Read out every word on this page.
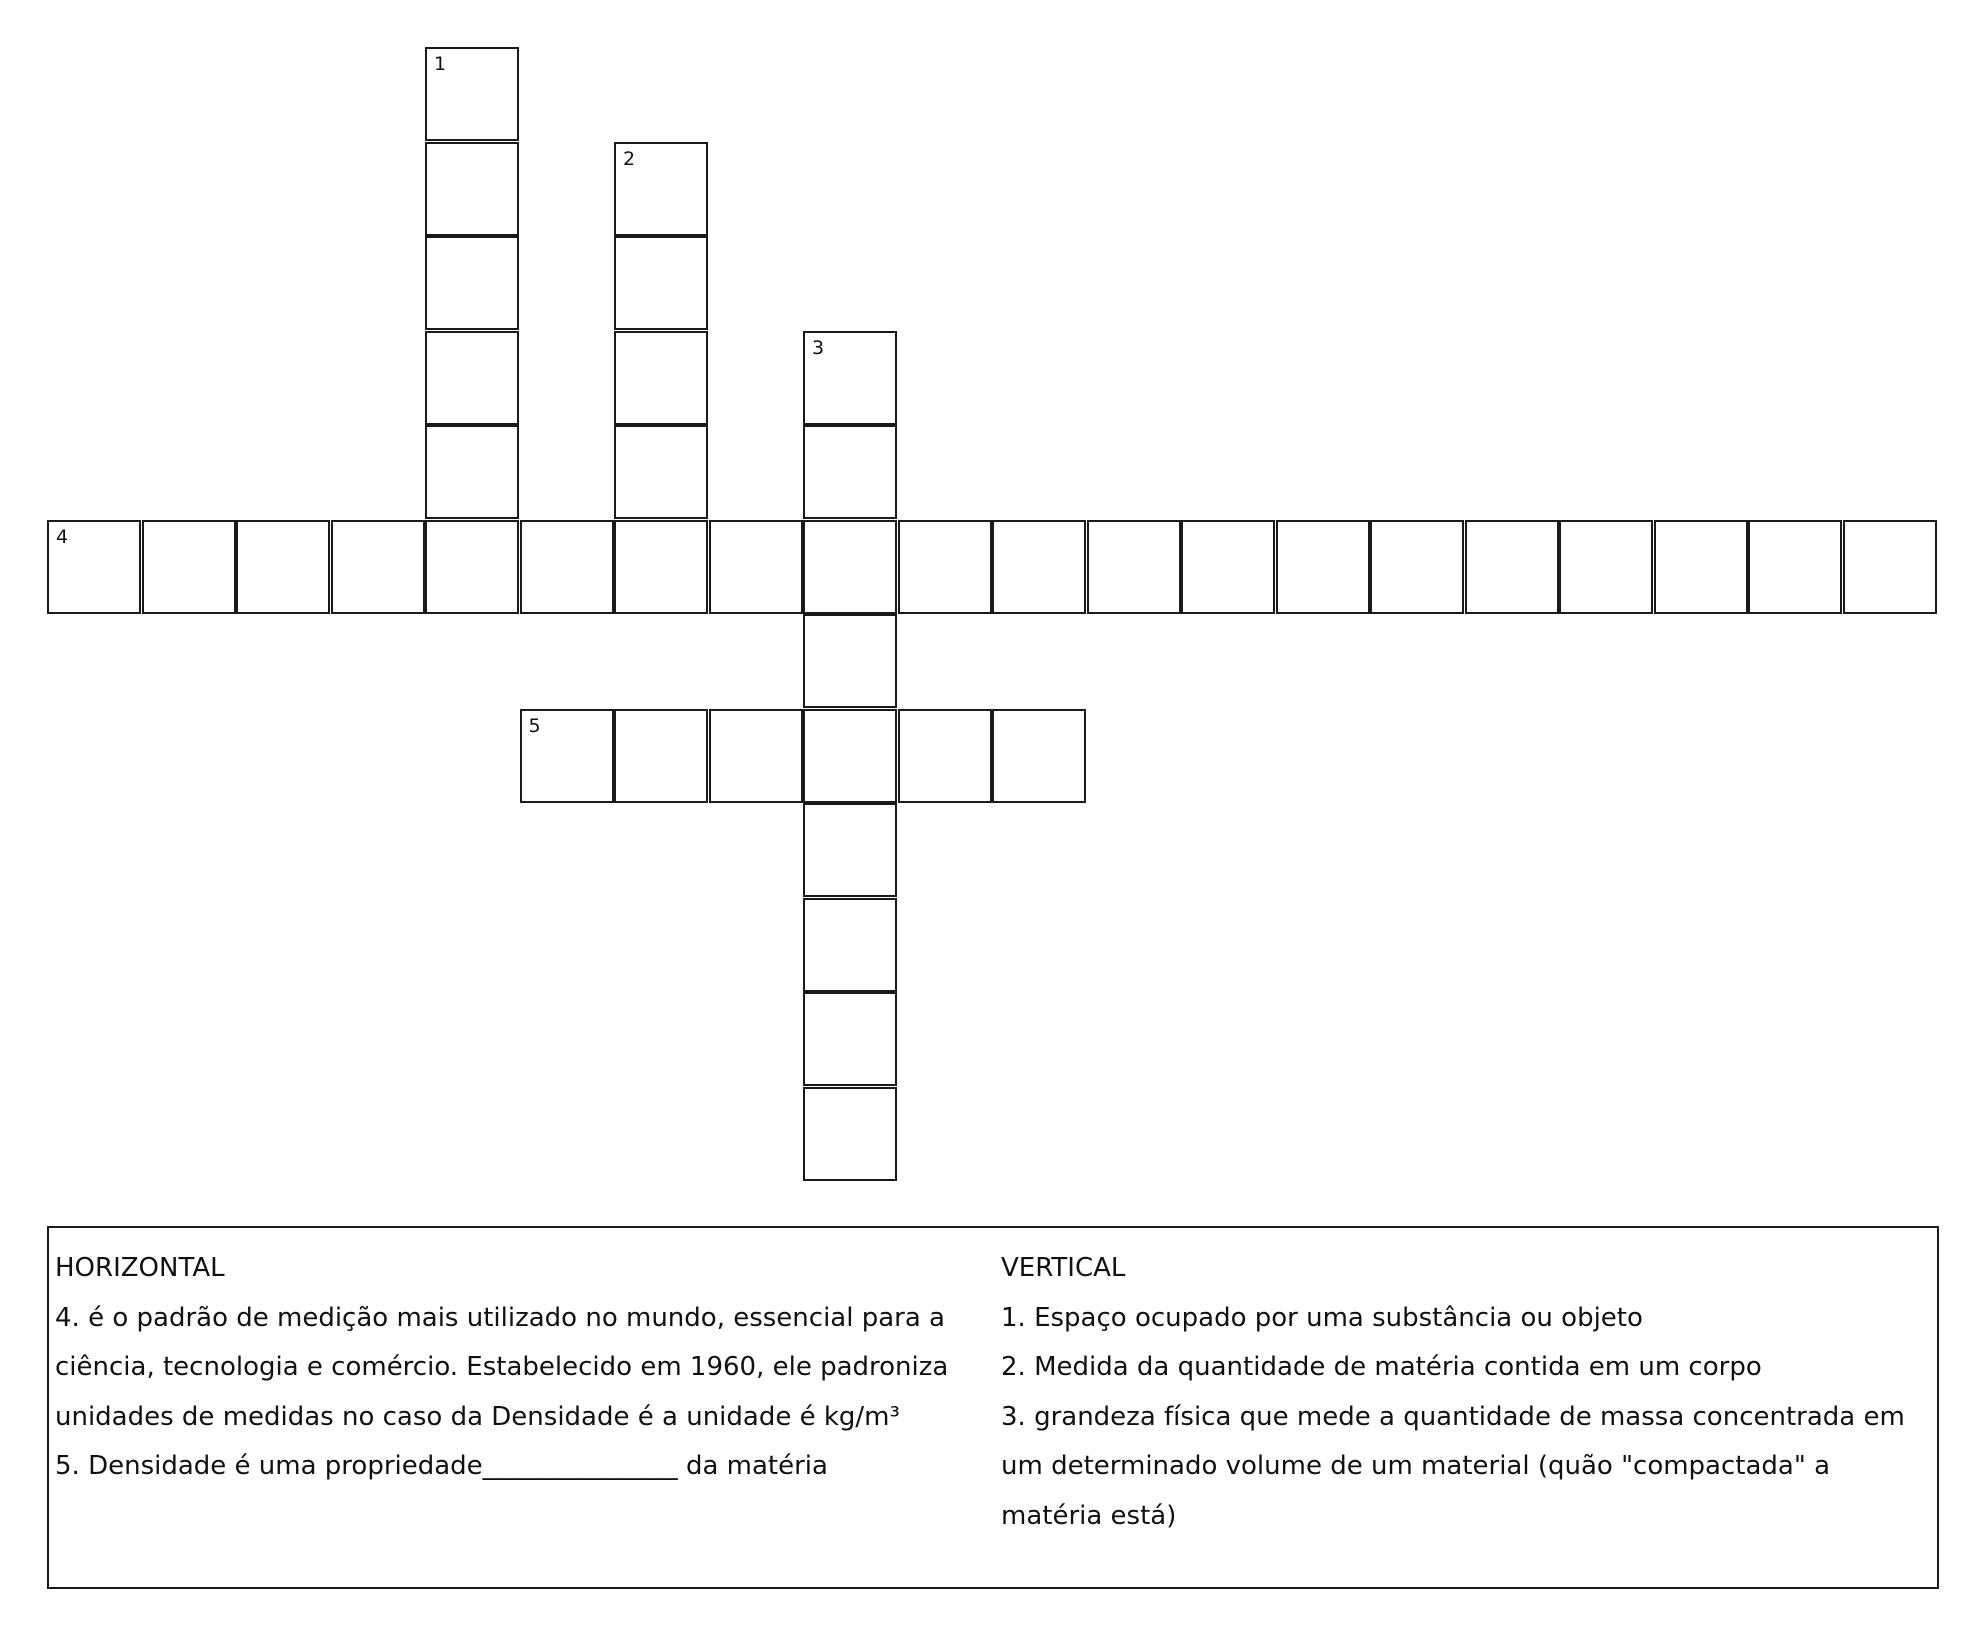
1
2
3
4
5
HORIZONTAL
4. é o padrão de medição mais utilizado no mundo, essencial para a
ciência, tecnologia e comércio. Estabelecido em 1960, ele padroniza
unidades de medidas no caso da Densidade é a unidade é kg/m³
5. Densidade é uma propriedade_______________ da matéria
VERTICAL
1. Espaço ocupado por uma substância ou objeto
2. Medida da quantidade de matéria contida em um corpo
3. grandeza física que mede a quantidade de massa concentrada em
um determinado volume de um material (quão "compactada" a
matéria está)
